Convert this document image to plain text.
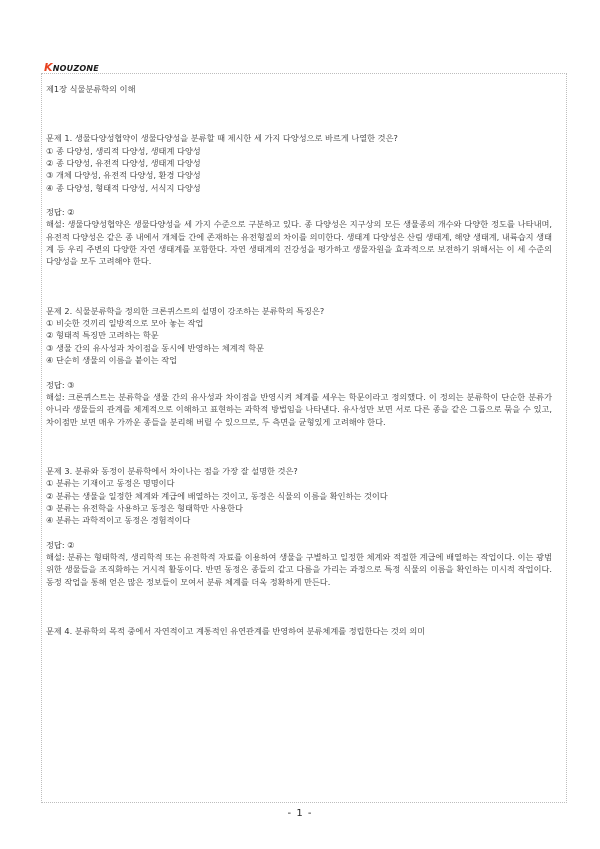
KNOUZONE
제1장 식물분류학의 이해
문제 1. 생물다양성협약이 생물다양성을 분류할 때 제시한 세 가지 다양성으로 바르게 나열한 것은?
① 종 다양성, 생리적 다양성, 생태계 다양성
② 종 다양성, 유전적 다양성, 생태계 다양성
③ 개체 다양성, 유전적 다양성, 환경 다양성
④ 종 다양성, 형태적 다양성, 서식지 다양성
정답: ②
해설: 생물다양성협약은 생물다양성을 세 가지 수준으로 구분하고 있다. 종 다양성은 지구상의 모든 생물종의 개수와 다양한 정도를 나타내며, 유전적 다양성은 같은 종 내에서 개체들 간에 존재하는 유전형질의 차이를 의미한다. 생태계 다양성은 산림 생태계, 해양 생태계, 내륙습지 생태계 등 우리 주변의 다양한 자연 생태계를 포함한다. 자연 생태계의 건강성을 평가하고 생물자원을 효과적으로 보전하기 위해서는 이 세 수준의 다양성을 모두 고려해야 한다.
문제 2. 식물분류학을 정의한 크론퀴스트의 설명이 강조하는 분류학의 특징은?
① 비슷한 것끼리 일방적으로 모아 놓는 작업
② 형태적 특징만 고려하는 학문
③ 생물 간의 유사성과 차이점을 동시에 반영하는 체계적 학문
④ 단순히 생물의 이름을 붙이는 작업
정답: ③
해설: 크론퀴스트는 분류학을 생물 간의 유사성과 차이점을 반영시켜 체계를 세우는 학문이라고 정의했다. 이 정의는 분류학이 단순한 분류가 아니라 생물들의 관계를 체계적으로 이해하고 표현하는 과학적 방법임을 나타낸다. 유사성만 보면 서로 다른 종을 같은 그룹으로 묶을 수 있고, 차이점만 보면 매우 가까운 종들을 분리해 버릴 수 있으므로, 두 측면을 균형있게 고려해야 한다.
문제 3. 분류와 동정이 분류학에서 차이나는 점을 가장 잘 설명한 것은?
① 분류는 기재이고 동정은 명명이다
② 분류는 생물을 일정한 체계와 계급에 배열하는 것이고, 동정은 식물의 이름을 확인하는 것이다
③ 분류는 유전학을 사용하고 동정은 형태학만 사용한다
④ 분류는 과학적이고 동정은 경험적이다
정답: ②
해설: 분류는 형태학적, 생리학적 또는 유전학적 자료를 이용하여 생물을 구별하고 일정한 체계와 적절한 계급에 배열하는 작업이다. 이는 광범위한 생물들을 조직화하는 거시적 활동이다. 반면 동정은 종들의 같고 다름을 가리는 과정으로 특정 식물의 이름을 확인하는 미시적 작업이다. 동정 작업을 통해 얻은 많은 정보들이 모여서 분류 체계를 더욱 정확하게 만든다.
문제 4. 분류학의 목적 중에서 자연적이고 계통적인 유연관계를 반영하여 분류체계를 정립한다는 것의 의미
- 1 -
